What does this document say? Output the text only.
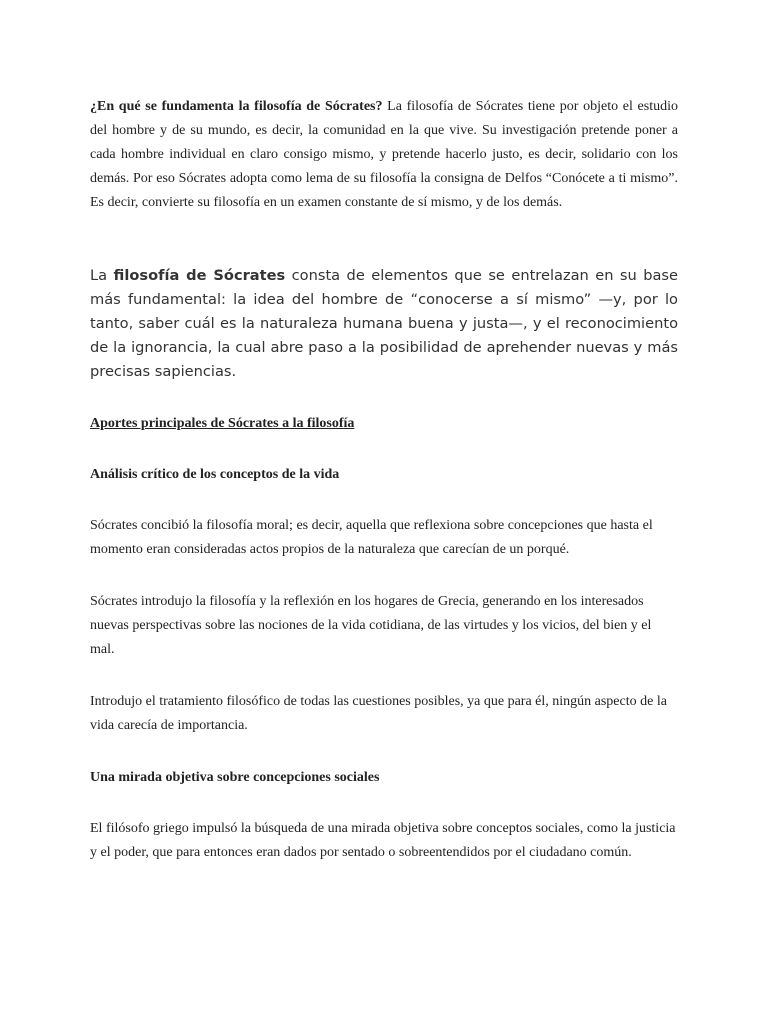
¿En qué se fundamenta la filosofía de Sócrates? La filosofía de Sócrates tiene por objeto el estudio del hombre y de su mundo, es decir, la comunidad en la que vive. Su investigación pretende poner a cada hombre individual en claro consigo mismo, y pretende hacerlo justo, es decir, solidario con los demás. Por eso Sócrates adopta como lema de su filosofía la consigna de Delfos “Conócete a ti mismo”. Es decir, convierte su filosofía en un examen constante de sí mismo, y de los demás.

La filosofía de Sócrates consta de elementos que se entrelazan en su base más fundamental: la idea del hombre de “conocerse a sí mismo” —y, por lo tanto, saber cuál es la naturaleza humana buena y justa—, y el reconocimiento de la ignorancia, la cual abre paso a la posibilidad de aprehender nuevas y más precisas sapiencias.

Aportes principales de Sócrates a la filosofía

Análisis crítico de los conceptos de la vida

Sócrates concibió la filosofía moral; es decir, aquella que reflexiona sobre concepciones que hasta el momento eran consideradas actos propios de la naturaleza que carecían de un porqué.

Sócrates introdujo la filosofía y la reflexión en los hogares de Grecia, generando en los interesados nuevas perspectivas sobre las nociones de la vida cotidiana, de las virtudes y los vicios, del bien y el mal.

Introdujo el tratamiento filosófico de todas las cuestiones posibles, ya que para él, ningún aspecto de la vida carecía de importancia.

Una mirada objetiva sobre concepciones sociales

El filósofo griego impulsó la búsqueda de una mirada objetiva sobre conceptos sociales, como la justicia y el poder, que para entonces eran dados por sentado o sobreentendidos por el ciudadano común.
